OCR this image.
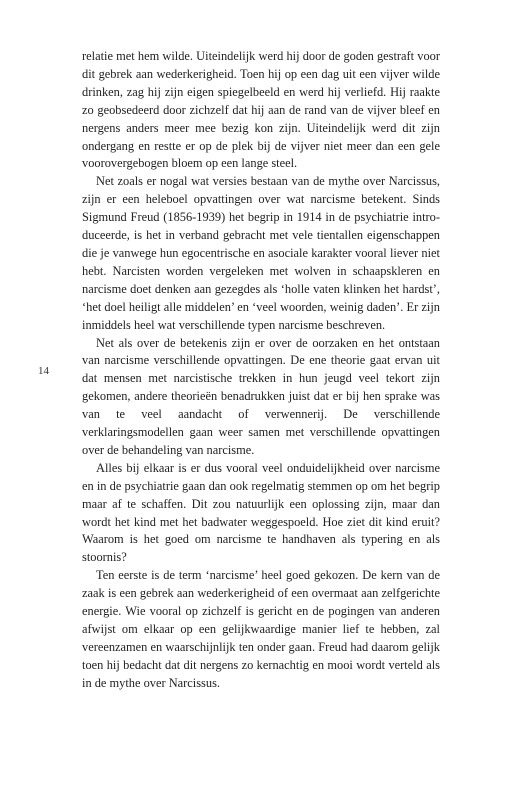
14

relatie met hem wilde. Uiteindelijk werd hij door de goden gestraft voor dit gebrek aan wederkerigheid. Toen hij op een dag uit een vijver wilde drinken, zag hij zijn eigen spiegelbeeld en werd hij verliefd. Hij raakte zo geobsedeerd door zichzelf dat hij aan de rand van de vijver bleef en nergens anders meer mee bezig kon zijn. Uiteindelijk werd dit zijn ondergang en restte er op de plek bij de vijver niet meer dan een gele voorovergebogen bloem op een lange steel.

Net zoals er nogal wat versies bestaan van de mythe over Narcissus, zijn er een heleboel opvattingen over wat narcisme betekent. Sinds Sigmund Freud (1856-1939) het begrip in 1914 in de psychiatrie introduceerde, is het in verband gebracht met vele tientallen eigenschappen die je vanwege hun egocentrische en asociale karakter vooral liever niet hebt. Narcisten worden vergeleken met wolven in schaapskleren en narcisme doet denken aan gezegdes als ‘holle vaten klinken het hardst’, ‘het doel heiligt alle middelen’ en ‘veel woorden, weinig daden’. Er zijn inmiddels heel wat verschillende typen narcisme beschreven.

Net als over de betekenis zijn er over de oorzaken en het ontstaan van narcisme verschillende opvattingen. De ene theorie gaat ervan uit dat mensen met narcistische trekken in hun jeugd veel tekort zijn gekomen, andere theorieën benadrukken juist dat er bij hen sprake was van te veel aandacht of verwennerij. De verschillende verklaringsmodellen gaan weer samen met verschillende opvattingen over de behandeling van narcisme.

Alles bij elkaar is er dus vooral veel onduidelijkheid over narcisme en in de psychiatrie gaan dan ook regelmatig stemmen op om het begrip maar af te schaffen. Dit zou natuurlijk een oplossing zijn, maar dan wordt het kind met het badwater weggespoeld. Hoe ziet dit kind eruit? Waarom is het goed om narcisme te handhaven als typering en als stoornis?

Ten eerste is de term ‘narcisme’ heel goed gekozen. De kern van de zaak is een gebrek aan wederkerigheid of een overmaat aan zelfgerichte energie. Wie vooral op zichzelf is gericht en de pogingen van anderen afwijst om elkaar op een gelijkwaardige manier lief te hebben, zal vereenzamen en waarschijnlijk ten onder gaan. Freud had daarom gelijk toen hij bedacht dat dit nergens zo kernachtig en mooi wordt verteld als in de mythe over Narcissus.
